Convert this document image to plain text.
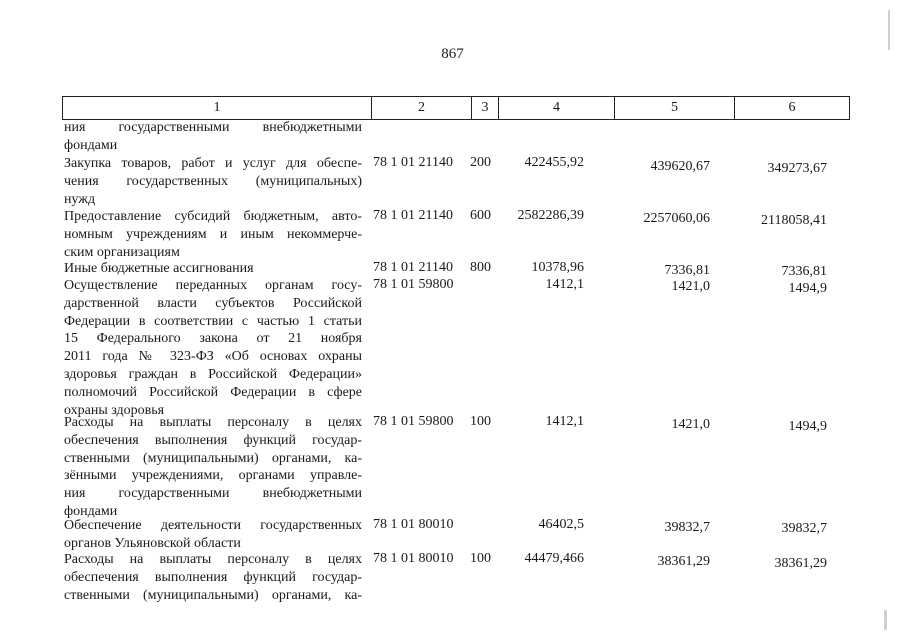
867
1	2	3	4	5	6
ния государственными внебюджетными
фондами
Закупка товаров, работ и услуг для обеспе-
чения государственных (муниципальных)
нужд
78 1 01 21140 200	422455,92	439620,67	349273,67
Предоставление субсидий бюджетным, авто-
номным учреждениям и иным некоммерче-
ским организациям
78 1 01 21140 600	2582286,39	2257060,06	2118058,41
Иные бюджетные ассигнования	78 1 01 21140 800	10378,96	7336,81	7336,81
Осуществление переданных органам госу-
дарственной власти субъектов Российской
Федерации в соответствии с частью 1 статьи
15 Федерального закона от 21 ноября
2011 года № 323-ФЗ «Об основах охраны
здоровья граждан в Российской Федерации»
полномочий Российской Федерации в сфере
охраны здоровья
78 1 01 59800	1412,1	1421,0	1494,9
Расходы на выплаты персоналу в целях
обеспечения выполнения функций государ-
ственными (муниципальными) органами, ка-
зёнными учреждениями, органами управле-
ния государственными внебюджетными
фондами
78 1 01 59800 100	1412,1	1421,0	1494,9
Обеспечение деятельности государственных
органов Ульяновской области
78 1 01 80010	46402,5	39832,7	39832,7
Расходы на выплаты персоналу в целях
обеспечения выполнения функций государ-
ственными (муниципальными) органами, ка-
78 1 01 80010 100	44479,466	38361,29	38361,29
